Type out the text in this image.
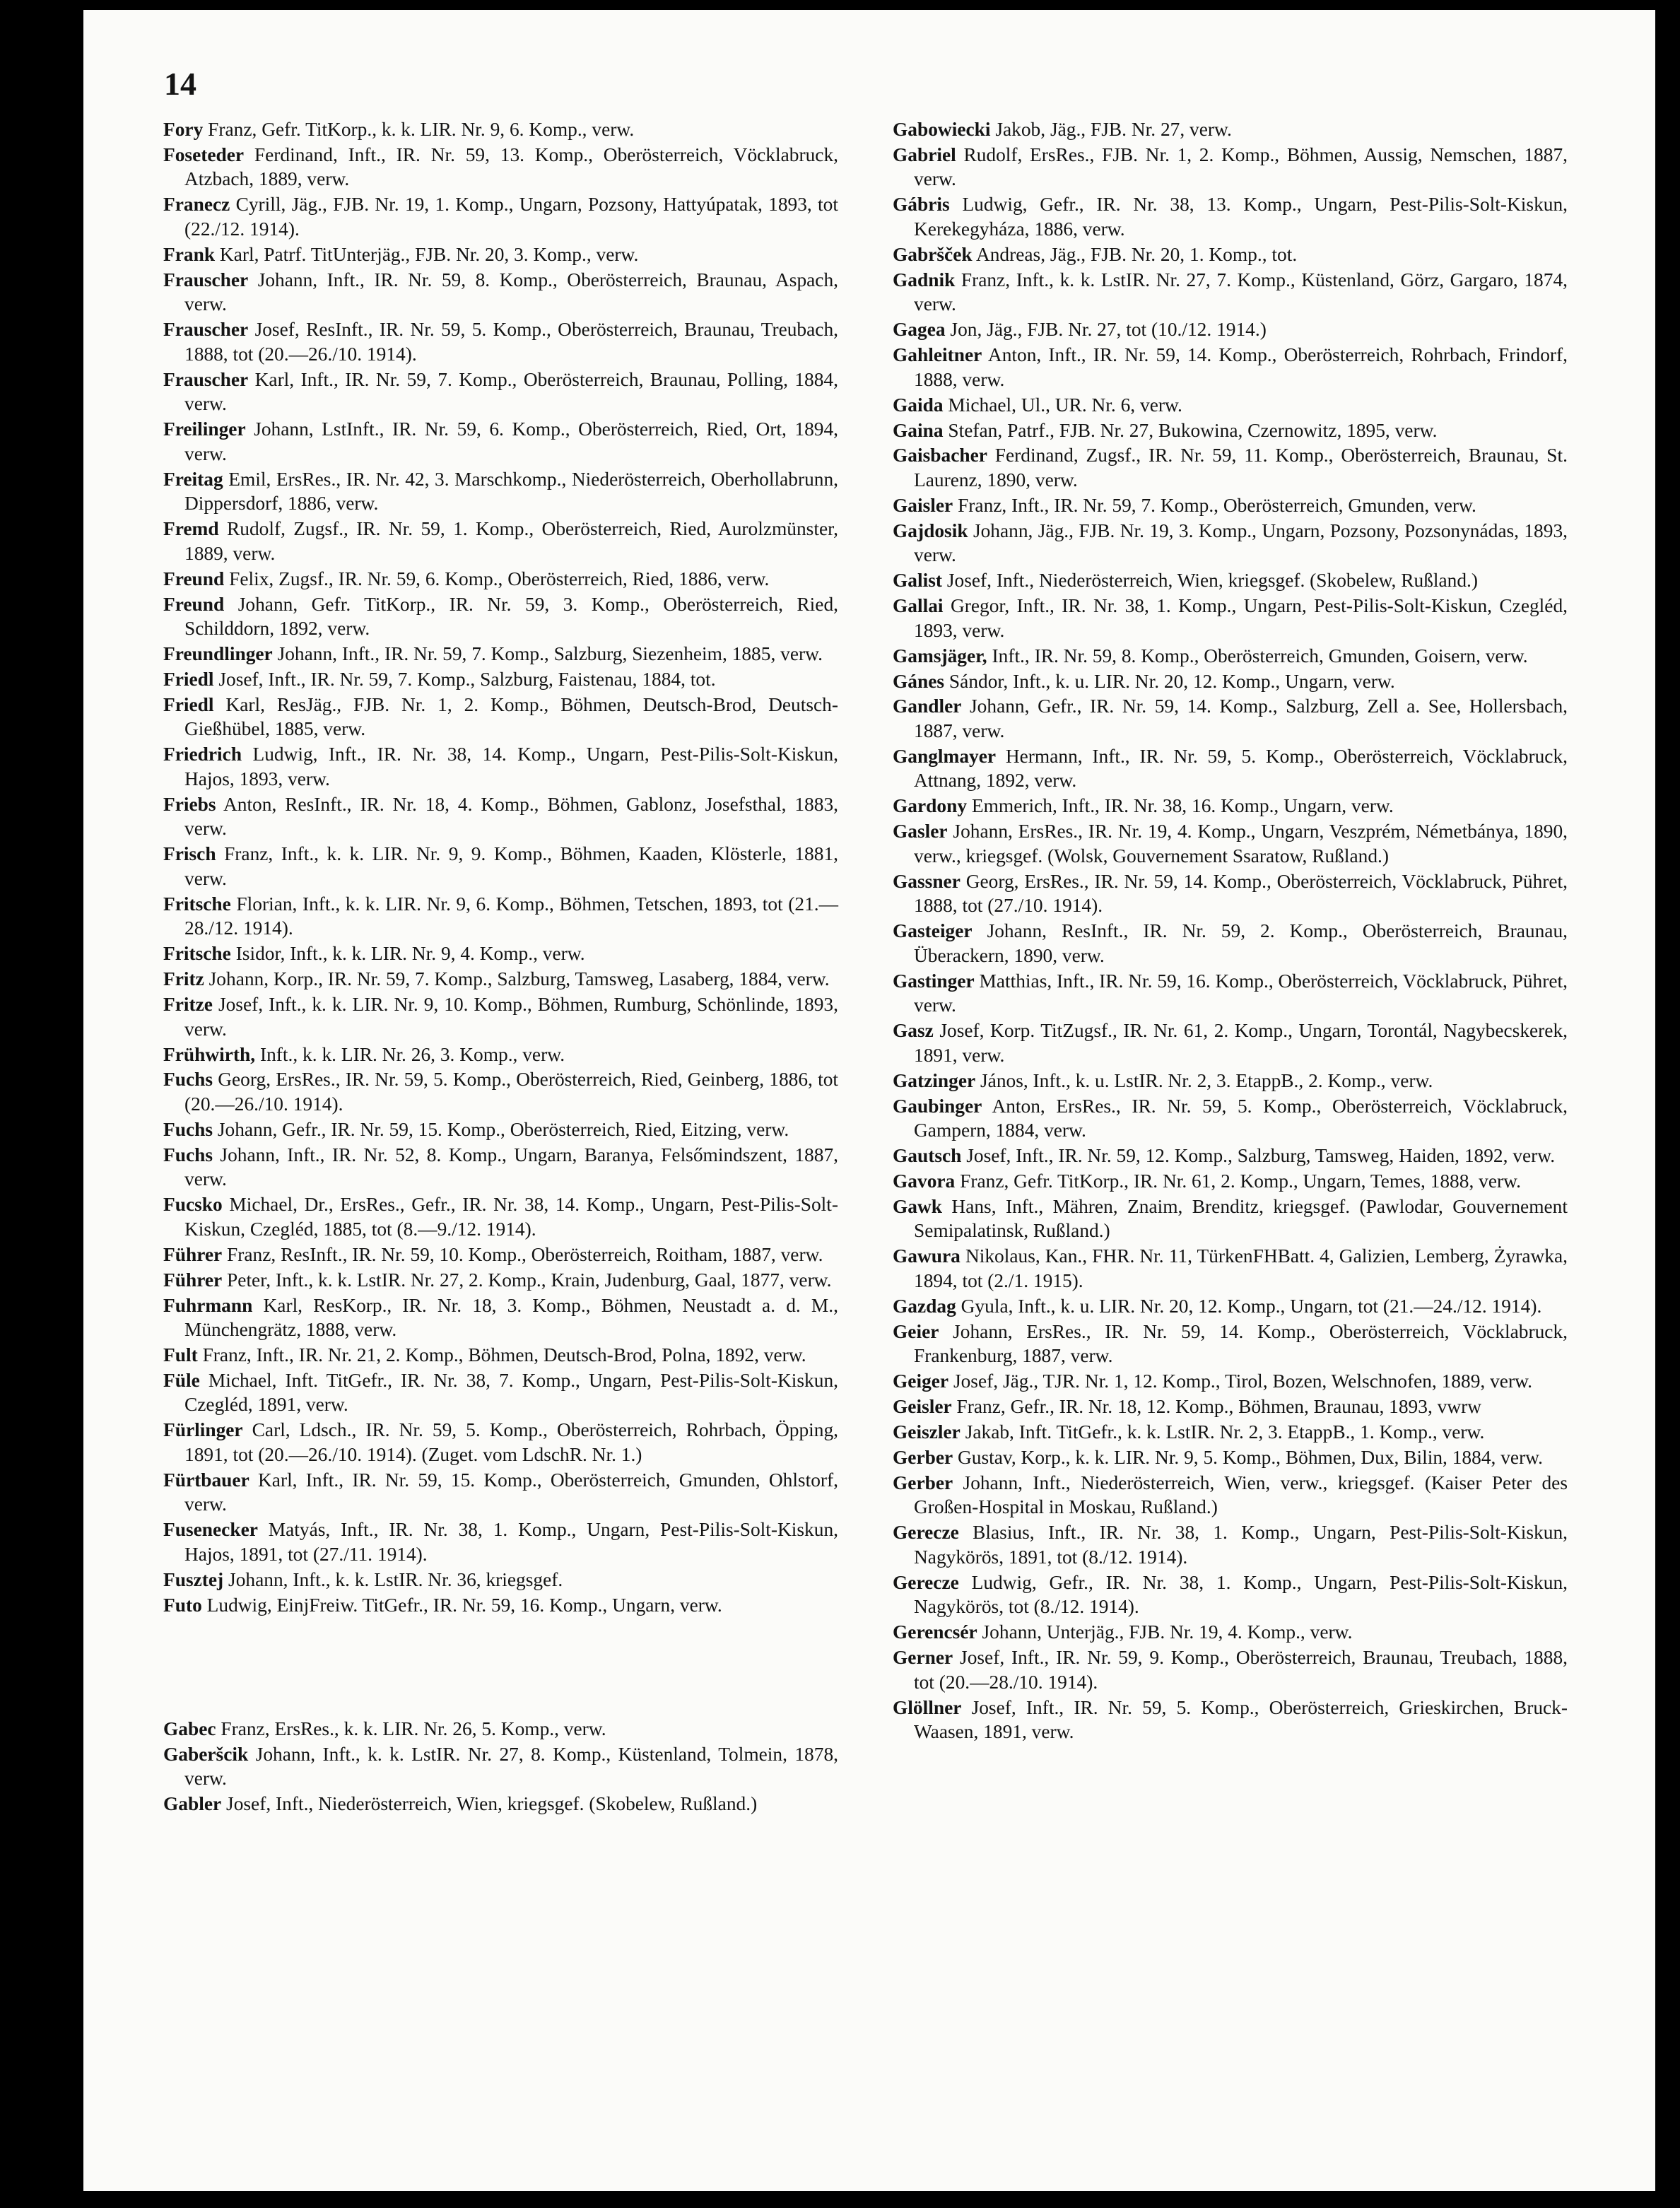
14
Fory Franz, Gefr. TitKorp., k. k. LIR. Nr. 9, 6. Komp., verw.
Foseteder Ferdinand, Inft., IR. Nr. 59, 13. Komp., Oberösterreich, Vöcklabruck, Atzbach, 1889, verw.
Franecz Cyrill, Jäg., FJB. Nr. 19, 1. Komp., Ungarn, Pozsony, Hattyúpatak, 1893, tot (22./12. 1914).
Frank Karl, Patrf. TitUnterjäg., FJB. Nr. 20, 3. Komp., verw.
Frauscher Johann, Inft., IR. Nr. 59, 8. Komp., Oberösterreich, Braunau, Aspach, verw.
Frauscher Josef, ResInft., IR. Nr. 59, 5. Komp., Oberösterreich, Braunau, Treubach, 1888, tot (20.—26./10. 1914).
Frauscher Karl, Inft., IR. Nr. 59, 7. Komp., Oberösterreich, Braunau, Polling, 1884, verw.
Freilinger Johann, LstInft., IR. Nr. 59, 6. Komp., Oberösterreich, Ried, Ort, 1894, verw.
Freitag Emil, ErsRes., IR. Nr. 42, 3. Marschkomp., Niederösterreich, Oberhollabrunn, Dippersdorf, 1886, verw.
Fremd Rudolf, Zugsf., IR. Nr. 59, 1. Komp., Oberösterreich, Ried, Aurolzmünster, 1889, verw.
Freund Felix, Zugsf., IR. Nr. 59, 6. Komp., Oberösterreich, Ried, 1886, verw.
Freund Johann, Gefr. TitKorp., IR. Nr. 59, 3. Komp., Oberösterreich, Ried, Schilddorn, 1892, verw.
Freundlinger Johann, Inft., IR. Nr. 59, 7. Komp., Salzburg, Siezenheim, 1885, verw.
Friedl Josef, Inft., IR. Nr. 59, 7. Komp., Salzburg, Faistenau, 1884, tot.
Friedl Karl, ResJäg., FJB. Nr. 1, 2. Komp., Böhmen, Deutsch-Brod, Deutsch-Gießhübel, 1885, verw.
Friedrich Ludwig, Inft., IR. Nr. 38, 14. Komp., Ungarn, Pest-Pilis-Solt-Kiskun, Hajos, 1893, verw.
Friebs Anton, ResInft., IR. Nr. 18, 4. Komp., Böhmen, Gablonz, Josefsthal, 1883, verw.
Frisch Franz, Inft., k. k. LIR. Nr. 9, 9. Komp., Böhmen, Kaaden, Klösterle, 1881, verw.
Fritsche Florian, Inft., k. k. LIR. Nr. 9, 6. Komp., Böhmen, Tetschen, 1893, tot (21.—28./12. 1914).
Fritsche Isidor, Inft., k. k. LIR. Nr. 9, 4. Komp., verw.
Fritz Johann, Korp., IR. Nr. 59, 7. Komp., Salzburg, Tamsweg, Lasaberg, 1884, verw.
Fritze Josef, Inft., k. k. LIR. Nr. 9, 10. Komp., Böhmen, Rumburg, Schönlinde, 1893, verw.
Frühwirth, Inft., k. k. LIR. Nr. 26, 3. Komp., verw.
Fuchs Georg, ErsRes., IR. Nr. 59, 5. Komp., Oberösterreich, Ried, Geinberg, 1886, tot (20.—26./10. 1914).
Fuchs Johann, Gefr., IR. Nr. 59, 15. Komp., Oberösterreich, Ried, Eitzing, verw.
Fuchs Johann, Inft., IR. Nr. 52, 8. Komp., Ungarn, Baranya, Felsőmindszent, 1887, verw.
Fucsko Michael, Dr., ErsRes., Gefr., IR. Nr. 38, 14. Komp., Ungarn, Pest-Pilis-Solt-Kiskun, Czegléd, 1885, tot (8.—9./12. 1914).
Führer Franz, ResInft., IR. Nr. 59, 10. Komp., Oberösterreich, Roitham, 1887, verw.
Führer Peter, Inft., k. k. LstIR. Nr. 27, 2. Komp., Krain, Judenburg, Gaal, 1877, verw.
Fuhrmann Karl, ResKorp., IR. Nr. 18, 3. Komp., Böhmen, Neustadt a. d. M., Münchengrätz, 1888, verw.
Fult Franz, Inft., IR. Nr. 21, 2. Komp., Böhmen, Deutsch-Brod, Polna, 1892, verw.
Füle Michael, Inft. TitGefr., IR. Nr. 38, 7. Komp., Ungarn, Pest-Pilis-Solt-Kiskun, Czegléd, 1891, verw.
Fürlinger Carl, Ldsch., IR. Nr. 59, 5. Komp., Oberösterreich, Rohrbach, Öpping, 1891, tot (20.—26./10. 1914). (Zuget. vom LdschR. Nr. 1.)
Fürtbauer Karl, Inft., IR. Nr. 59, 15. Komp., Oberösterreich, Gmunden, Ohlstorf, verw.
Fusenecker Matyás, Inft., IR. Nr. 38, 1. Komp., Ungarn, Pest-Pilis-Solt-Kiskun, Hajos, 1891, tot (27./11. 1914).
Fusztej Johann, Inft., k. k. LstIR. Nr. 36, kriegsgef.
Futo Ludwig, EinjFreiw. TitGefr., IR. Nr. 59, 16. Komp., Ungarn, verw.
Gabec Franz, ErsRes., k. k. LIR. Nr. 26, 5. Komp., verw.
Gaberšcik Johann, Inft., k. k. LstIR. Nr. 27, 8. Komp., Küstenland, Tolmein, 1878, verw.
Gabler Josef, Inft., Niederösterreich, Wien, kriegsgef. (Skobelew, Rußland.)
Gabowiecki Jakob, Jäg., FJB. Nr. 27, verw.
Gabriel Rudolf, ErsRes., FJB. Nr. 1, 2. Komp., Böhmen, Aussig, Nemschen, 1887, verw.
Gábris Ludwig, Gefr., IR. Nr. 38, 13. Komp., Ungarn, Pest-Pilis-Solt-Kiskun, Kerekegyháza, 1886, verw.
Gabršček Andreas, Jäg., FJB. Nr. 20, 1. Komp., tot.
Gadnik Franz, Inft., k. k. LstIR. Nr. 27, 7. Komp., Küstenland, Görz, Gargaro, 1874, verw.
Gagea Jon, Jäg., FJB. Nr. 27, tot (10./12. 1914.)
Gahleitner Anton, Inft., IR. Nr. 59, 14. Komp., Oberösterreich, Rohrbach, Frindorf, 1888, verw.
Gaida Michael, Ul., UR. Nr. 6, verw.
Gaina Stefan, Patrf., FJB. Nr. 27, Bukowina, Czernowitz, 1895, verw.
Gaisbacher Ferdinand, Zugsf., IR. Nr. 59, 11. Komp., Oberösterreich, Braunau, St. Laurenz, 1890, verw.
Gaisler Franz, Inft., IR. Nr. 59, 7. Komp., Oberösterreich, Gmunden, verw.
Gajdosik Johann, Jäg., FJB. Nr. 19, 3. Komp., Ungarn, Pozsony, Pozsonynádas, 1893, verw.
Galist Josef, Inft., Niederösterreich, Wien, kriegsgef. (Skobelew, Rußland.)
Gallai Gregor, Inft., IR. Nr. 38, 1. Komp., Ungarn, Pest-Pilis-Solt-Kiskun, Czegléd, 1893, verw.
Gamsjäger, Inft., IR. Nr. 59, 8. Komp., Oberösterreich, Gmunden, Goisern, verw.
Gánes Sándor, Inft., k. u. LIR. Nr. 20, 12. Komp., Ungarn, verw.
Gandler Johann, Gefr., IR. Nr. 59, 14. Komp., Salzburg, Zell a. See, Hollersbach, 1887, verw.
Ganglmayer Hermann, Inft., IR. Nr. 59, 5. Komp., Oberösterreich, Vöcklabruck, Attnang, 1892, verw.
Gardony Emmerich, Inft., IR. Nr. 38, 16. Komp., Ungarn, verw.
Gasler Johann, ErsRes., IR. Nr. 19, 4. Komp., Ungarn, Veszprém, Németbánya, 1890, verw., kriegsgef. (Wolsk, Gouvernement Ssaratow, Rußland.)
Gassner Georg, ErsRes., IR. Nr. 59, 14. Komp., Oberösterreich, Vöcklabruck, Pühret, 1888, tot (27./10. 1914).
Gasteiger Johann, ResInft., IR. Nr. 59, 2. Komp., Oberösterreich, Braunau, Überackern, 1890, verw.
Gastinger Matthias, Inft., IR. Nr. 59, 16. Komp., Oberösterreich, Vöcklabruck, Pühret, verw.
Gasz Josef, Korp. TitZugsf., IR. Nr. 61, 2. Komp., Ungarn, Torontál, Nagybecskerek, 1891, verw.
Gatzinger János, Inft., k. u. LstIR. Nr. 2, 3. EtappB., 2. Komp., verw.
Gaubinger Anton, ErsRes., IR. Nr. 59, 5. Komp., Oberösterreich, Vöcklabruck, Gampern, 1884, verw.
Gautsch Josef, Inft., IR. Nr. 59, 12. Komp., Salzburg, Tamsweg, Haiden, 1892, verw.
Gavora Franz, Gefr. TitKorp., IR. Nr. 61, 2. Komp., Ungarn, Temes, 1888, verw.
Gawk Hans, Inft., Mähren, Znaim, Brenditz, kriegsgef. (Pawlodar, Gouvernement Semipalatinsk, Rußland.)
Gawura Nikolaus, Kan., FHR. Nr. 11, TürkenFHBatt. 4, Galizien, Lemberg, Żyrawka, 1894, tot (2./1. 1915).
Gazdag Gyula, Inft., k. u. LIR. Nr. 20, 12. Komp., Ungarn, tot (21.—24./12. 1914).
Geier Johann, ErsRes., IR. Nr. 59, 14. Komp., Oberösterreich, Vöcklabruck, Frankenburg, 1887, verw.
Geiger Josef, Jäg., TJR. Nr. 1, 12. Komp., Tirol, Bozen, Welschnofen, 1889, verw.
Geisler Franz, Gefr., IR. Nr. 18, 12. Komp., Böhmen, Braunau, 1893, vwrw
Geiszler Jakab, Inft. TitGefr., k. k. LstIR. Nr. 2, 3. EtappB., 1. Komp., verw.
Gerber Gustav, Korp., k. k. LIR. Nr. 9, 5. Komp., Böhmen, Dux, Bilin, 1884, verw.
Gerber Johann, Inft., Niederösterreich, Wien, verw., kriegsgef. (Kaiser Peter des Großen-Hospital in Moskau, Rußland.)
Gerecze Blasius, Inft., IR. Nr. 38, 1. Komp., Ungarn, Pest-Pilis-Solt-Kiskun, Nagykörös, 1891, tot (8./12. 1914).
Gerecze Ludwig, Gefr., IR. Nr. 38, 1. Komp., Ungarn, Pest-Pilis-Solt-Kiskun, Nagykörös, tot (8./12. 1914).
Gerencsér Johann, Unterjäg., FJB. Nr. 19, 4. Komp., verw.
Gerner Josef, Inft., IR. Nr. 59, 9. Komp., Oberösterreich, Braunau, Treubach, 1888, tot (20.—28./10. 1914).
Glöllner Josef, Inft., IR. Nr. 59, 5. Komp., Oberösterreich, Grieskirchen, Bruck-Waasen, 1891, verw.
